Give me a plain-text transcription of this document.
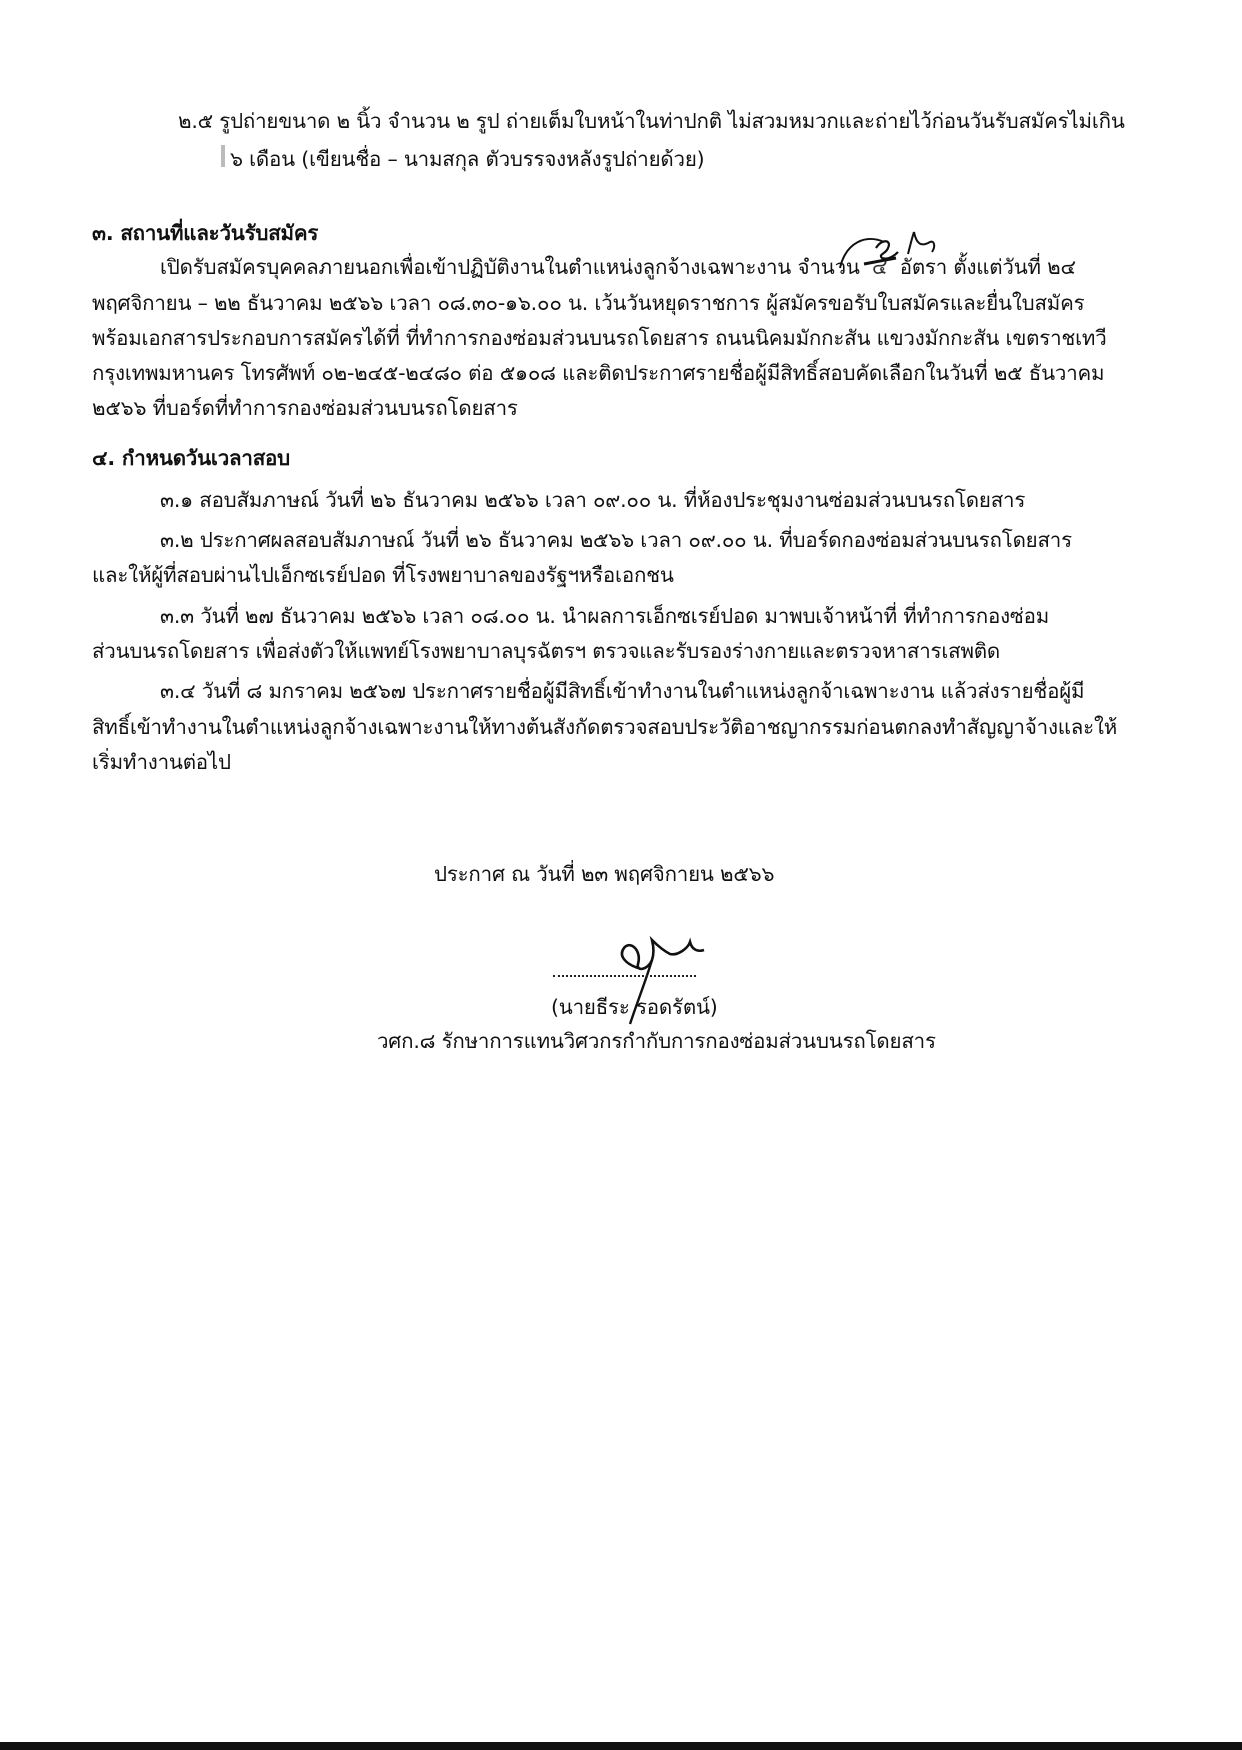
๒.๕ รูปถ่ายขนาด ๒ นิ้ว จำนวน ๒ รูป ถ่ายเต็มใบหน้าในท่าปกติ ไม่สวมหมวกและถ่ายไว้ก่อนวันรับสมัครไม่เกิน
๖ เดือน (เขียนชื่อ – นามสกุล ตัวบรรจงหลังรูปถ่ายด้วย)
๓. สถานที่และวันรับสมัคร
เปิดรับสมัครบุคคลภายนอกเพื่อเข้าปฏิบัติงานในตำแหน่งลูกจ้างเฉพาะงาน จำนวน ๔ อัตรา ตั้งแต่วันที่ ๒๔
พฤศจิกายน – ๒๒ ธันวาคม ๒๕๖๖ เวลา ๐๘.๓๐-๑๖.๐๐ น. เว้นวันหยุดราชการ ผู้สมัครขอรับใบสมัครและยื่นใบสมัคร
พร้อมเอกสารประกอบการสมัครได้ที่ ที่ทำการกองซ่อมส่วนบนรถโดยสาร ถนนนิคมมักกะสัน แขวงมักกะสัน เขตราชเทวี
กรุงเทพมหานคร โทรศัพท์ ๐๒-๒๔๕-๒๔๘๐ ต่อ ๕๑๐๘ และติดประกาศรายชื่อผู้มีสิทธิ์สอบคัดเลือกในวันที่ ๒๕ ธันวาคม
๒๕๖๖ ที่บอร์ดที่ทำการกองซ่อมส่วนบนรถโดยสาร
๔. กำหนดวันเวลาสอบ
๓.๑ สอบสัมภาษณ์ วันที่ ๒๖ ธันวาคม ๒๕๖๖ เวลา ๐๙.๐๐ น. ที่ห้องประชุมงานซ่อมส่วนบนรถโดยสาร
๓.๒ ประกาศผลสอบสัมภาษณ์ วันที่ ๒๖ ธันวาคม ๒๕๖๖ เวลา ๐๙.๐๐ น. ที่บอร์ดกองซ่อมส่วนบนรถโดยสาร
และให้ผู้ที่สอบผ่านไปเอ็กซเรย์ปอด ที่โรงพยาบาลของรัฐฯหรือเอกชน
๓.๓ วันที่ ๒๗ ธันวาคม ๒๕๖๖ เวลา ๐๘.๐๐ น. นำผลการเอ็กซเรย์ปอด มาพบเจ้าหน้าที่ ที่ทำการกองซ่อม
ส่วนบนรถโดยสาร เพื่อส่งตัวให้แพทย์โรงพยาบาลบุรฉัตรฯ ตรวจและรับรองร่างกายและตรวจหาสารเสพติด
๓.๔ วันที่ ๘ มกราคม ๒๕๖๗ ประกาศรายชื่อผู้มีสิทธิ์เข้าทำงานในตำแหน่งลูกจ้าเฉพาะงาน แล้วส่งรายชื่อผู้มี
สิทธิ์เข้าทำงานในตำแหน่งลูกจ้างเฉพาะงานให้ทางต้นสังกัดตรวจสอบประวัติอาชญากรรมก่อนตกลงทำสัญญาจ้างและให้
เริ่มทำงานต่อไป
ประกาศ ณ วันที่ ๒๓ พฤศจิกายน ๒๕๖๖
(นายธีระ รอดรัตน์)
วศก.๘ รักษาการแทนวิศวกรกำกับการกองซ่อมส่วนบนรถโดยสาร
